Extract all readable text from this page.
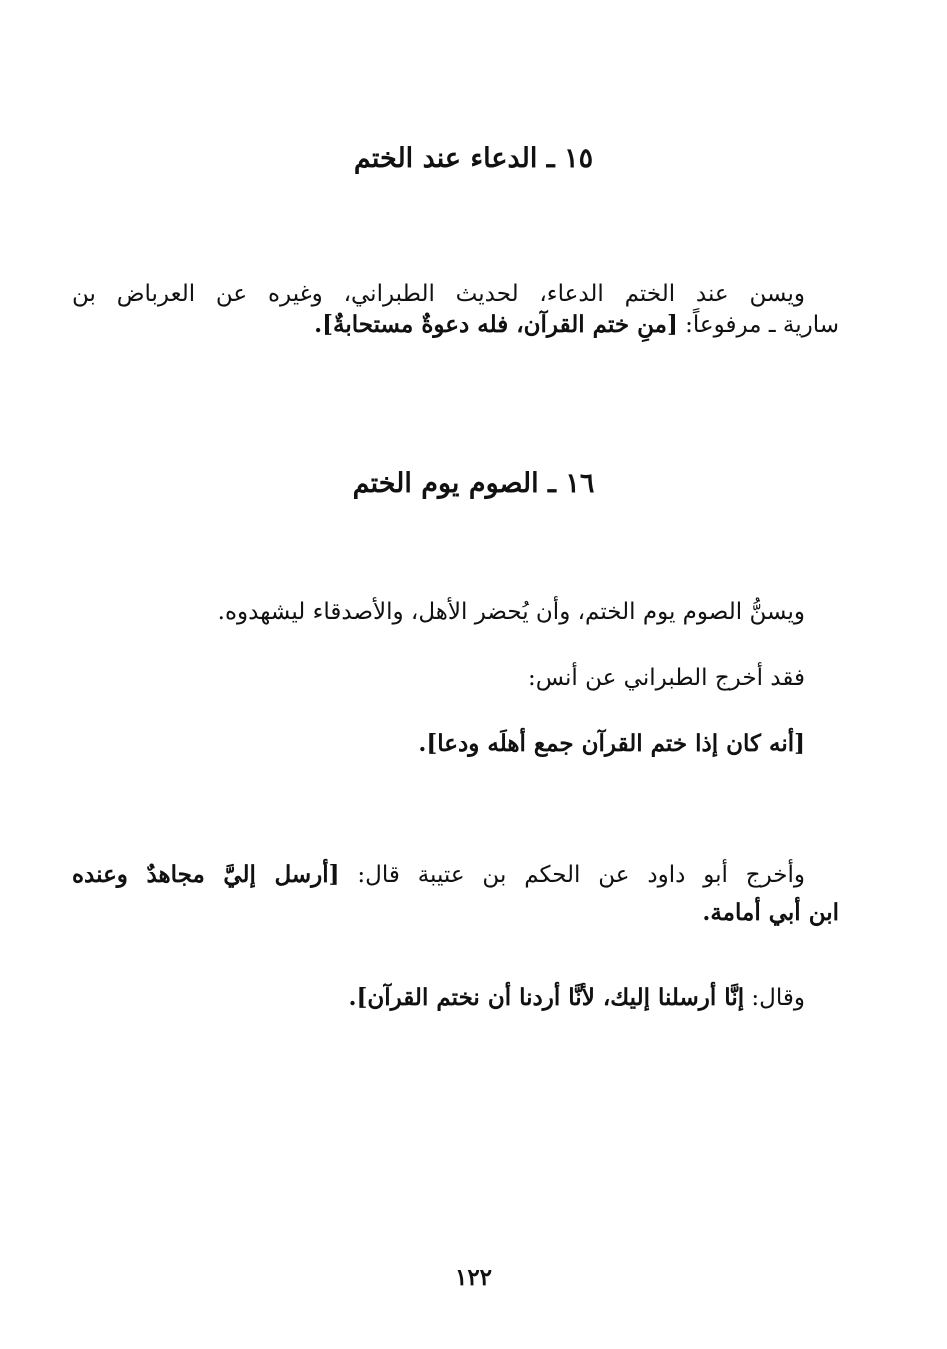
١٥ ـ الدعاء عند الختم
ويسن عند الختم الدعاء، لحديث الطبراني، وغيره عن العرباض بن
سارية ـ مرفوعاً: [منِ ختم القرآن، فله دعوةٌ مستحابةٌ].
١٦ ـ الصوم يوم الختم
ويسنُّ الصوم يوم الختم، وأن يُحضر الأهل، والأصدقاء ليشهدوه.
فقد أخرج الطبراني عن أنس:
[أنه كان إذا ختم القرآن جمع أهلَه ودعا].
وأخرج أبو داود عن الحكم بن عتيبة قال: [أرسل إليَّ مجاهدٌ وعنده
ابن أبي أمامة.
وقال: إنَّا أرسلنا إليك، لأنَّا أردنا أن نختم القرآن].
١٢٢
